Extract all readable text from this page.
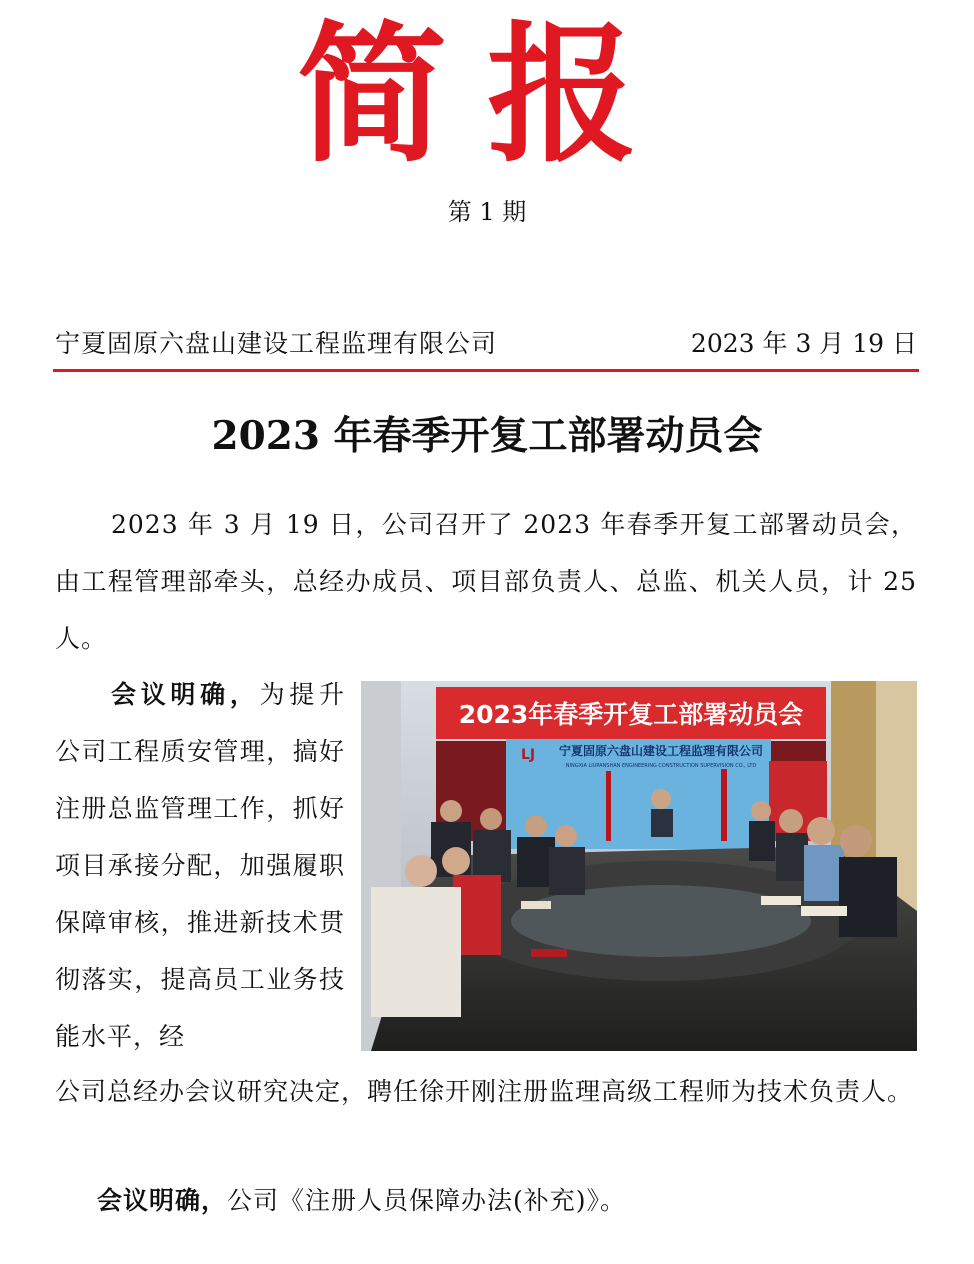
简报
第 1 期
宁夏固原六盘山建设工程监理有限公司	2023 年 3 月 19 日
2023 年春季开复工部署动员会
2023 年 3 月 19 日，公司召开了 2023 年春季开复工部署动员会，由工程管理部牵头，总经办成员、项目部负责人、总监、机关人员，计 25 人。
会议明确，为提升公司工程质安管理，搞好注册总监管理工作，抓好项目承接分配，加强履职保障审核，推进新技术贯彻落实，提高员工业务技能水平，经
2023年春季开复工部署动员会
LJ 宁夏固原六盘山建设工程监理有限公司
NINGXIA LIUPANSHAN ENGINEERING CONSTRUCTION SUPERVISION CO., LTD
公司总经办会议研究决定，聘任徐开刚注册监理高级工程师为技术负责人。
会议明确，公司《注册人员保障办法(补充)》。
